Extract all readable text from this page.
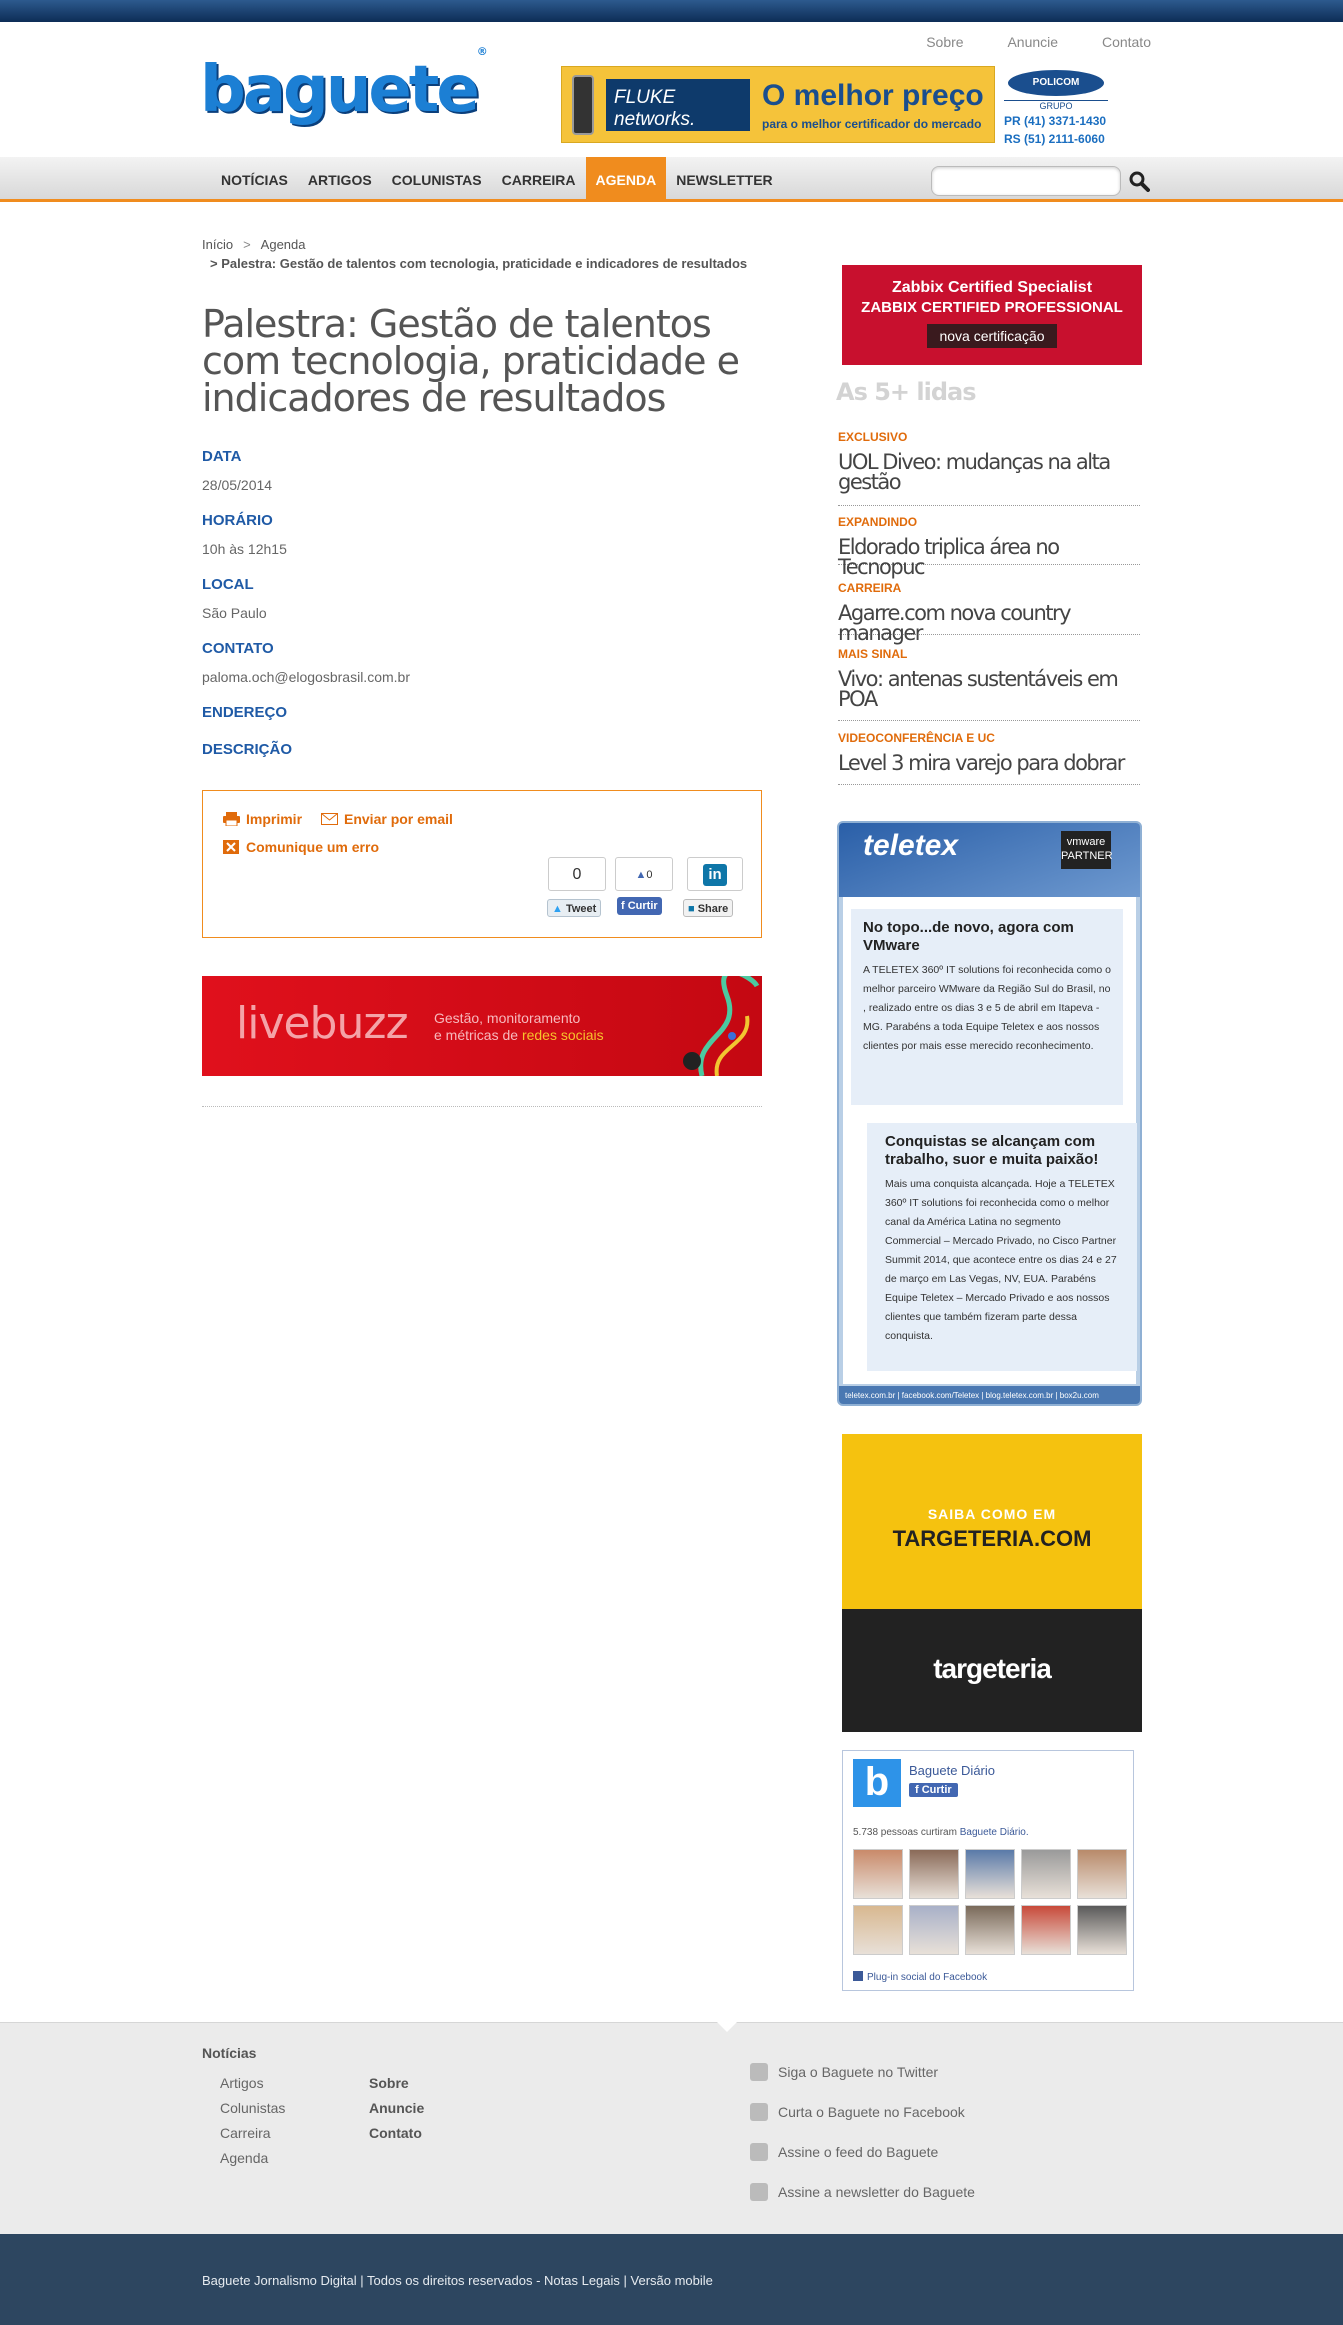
Sobre	Anuncie	Contato
baguete®
FLUKE networks.
O melhor preço
para o melhor certificador do mercado
POLICOM
GRUPO
PR (41) 3371-1430
RS (51) 2111-6060
NOTÍCIAS	ARTIGOS	COLUNISTAS	CARREIRA	AGENDA	NEWSLETTER
Início > Agenda
> Palestra: Gestão de talentos com tecnologia, praticidade e indicadores de resultados
Palestra: Gestão de talentos com tecnologia, praticidade e indicadores de resultados
DATA
28/05/2014
HORÁRIO
10h às 12h15
LOCAL
São Paulo
CONTATO
paloma.och@elogosbrasil.com.br
ENDEREÇO
DESCRIÇÃO
Imprimir	Enviar por email
Comunique um erro
0
▲ Tweet
▲0
f Curtir
in
■ Share
livebuzz Gestão, monitoramento
e métricas de redes sociais
Zabbix Certified Specialist
ZABBIX CERTIFIED PROFESSIONAL
nova certificação
As 5+ lidas
EXCLUSIVO
UOL Diveo: mudanças na alta gestão
EXPANDINDO
Eldorado triplica área no Tecnopuc
CARREIRA
Agarre.com nova country manager
MAIS SINAL
Vivo: antenas sustentáveis em POA
VIDEOCONFERÊNCIA E UC
Level 3 mira varejo para dobrar
teletex	vmware PARTNER
No topo...de novo, agora com VMware

A TELETEX 360º IT solutions foi reconhecida como o melhor parceiro WMware da Região Sul do Brasil, no , realizado entre os dias 3 e 5 de abril em Itapeva - MG. Parabéns a toda Equipe Teletex e aos nossos clientes por mais esse merecido reconhecimento.

Conquistas se alcançam com trabalho, suor e muita paixão!

Mais uma conquista alcançada. Hoje a TELETEX 360º IT solutions foi reconhecida como o melhor canal da América Latina no segmento Commercial – Mercado Privado, no Cisco Partner Summit 2014, que acontece entre os dias 24 e 27 de março em Las Vegas, NV, EUA. Parabéns Equipe Teletex – Mercado Privado e aos nossos clientes que também fizeram parte dessa conquista.

teletex.com.br | facebook.com/Teletex | blog.teletex.com.br | box2u.com
SAIBA COMO EM
TARGETERIA.COM
targeteria
b	Baguete Diário
f Curtir
5.738 pessoas curtiram Baguete Diário.
Plug-in social do Facebook
Notícias
Artigos
Colunistas
Carreira
Agenda
Sobre
Anuncie
Contato
Siga o Baguete no Twitter
Curta o Baguete no Facebook
Assine o feed do Baguete
Assine a newsletter do Baguete
Baguete Jornalismo Digital | Todos os direitos reservados - Notas Legais | Versão mobile
